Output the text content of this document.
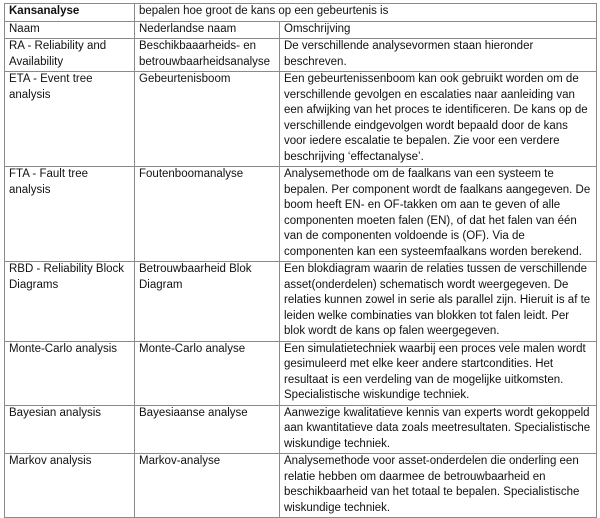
Kansanalyse	bepalen hoe groot de kans op een gebeurtenis is	
Naam	Nederlandse naam	Omschrijving
RA - Reliability and Availability	Beschikbaaarheids- en betrouwbaarheidsanalyse	De verschillende analysevormen staan hieronder beschreven.
ETA - Event tree analysis	Gebeurtenisboom	Een gebeurtenissenboom kan ook gebruikt worden om de verschillende gevolgen en escalaties naar aanleiding van een afwijking van het proces te identificeren. De kans op de verschillende eindgevolgen wordt bepaald door de kans voor iedere escalatie te bepalen. Zie voor een verdere beschrijving ‘effectanalyse’.
FTA - Fault tree analysis	Foutenboomanalyse	Analysemethode om de faalkans van een systeem te bepalen. Per component wordt de faalkans aangegeven. De boom heeft EN- en OF-takken om aan te geven of alle componenten moeten falen (EN), of dat het falen van één van de componenten voldoende is (OF). Via de componenten kan een systeemfaalkans worden berekend.
RBD - Reliability Block Diagrams	Betrouwbaarheid Blok Diagram	Een blokdiagram waarin de relaties tussen de verschillende asset(onderdelen) schematisch wordt weergegeven. De relaties kunnen zowel in serie als parallel zijn. Hieruit is af te leiden welke combinaties van blokken tot falen leidt. Per blok wordt de kans op falen weergegeven.
Monte-Carlo analysis	Monte-Carlo analyse	Een simulatietechniek waarbij een proces vele malen wordt gesimuleerd met elke keer andere startcondities. Het resultaat is een verdeling van de mogelijke uitkomsten. Specialistische wiskundige techniek.
Bayesian analysis	Bayesiaanse analyse	Aanwezige kwalitatieve kennis van experts wordt gekoppeld aan kwantitatieve data zoals meetresultaten. Specialistische wiskundige techniek.
Markov analysis	Markov-analyse	Analysemethode voor asset-onderdelen die onderling een relatie hebben om daarmee de betrouwbaarheid en beschikbaarheid van het totaal te bepalen. Specialistische wiskundige techniek.
